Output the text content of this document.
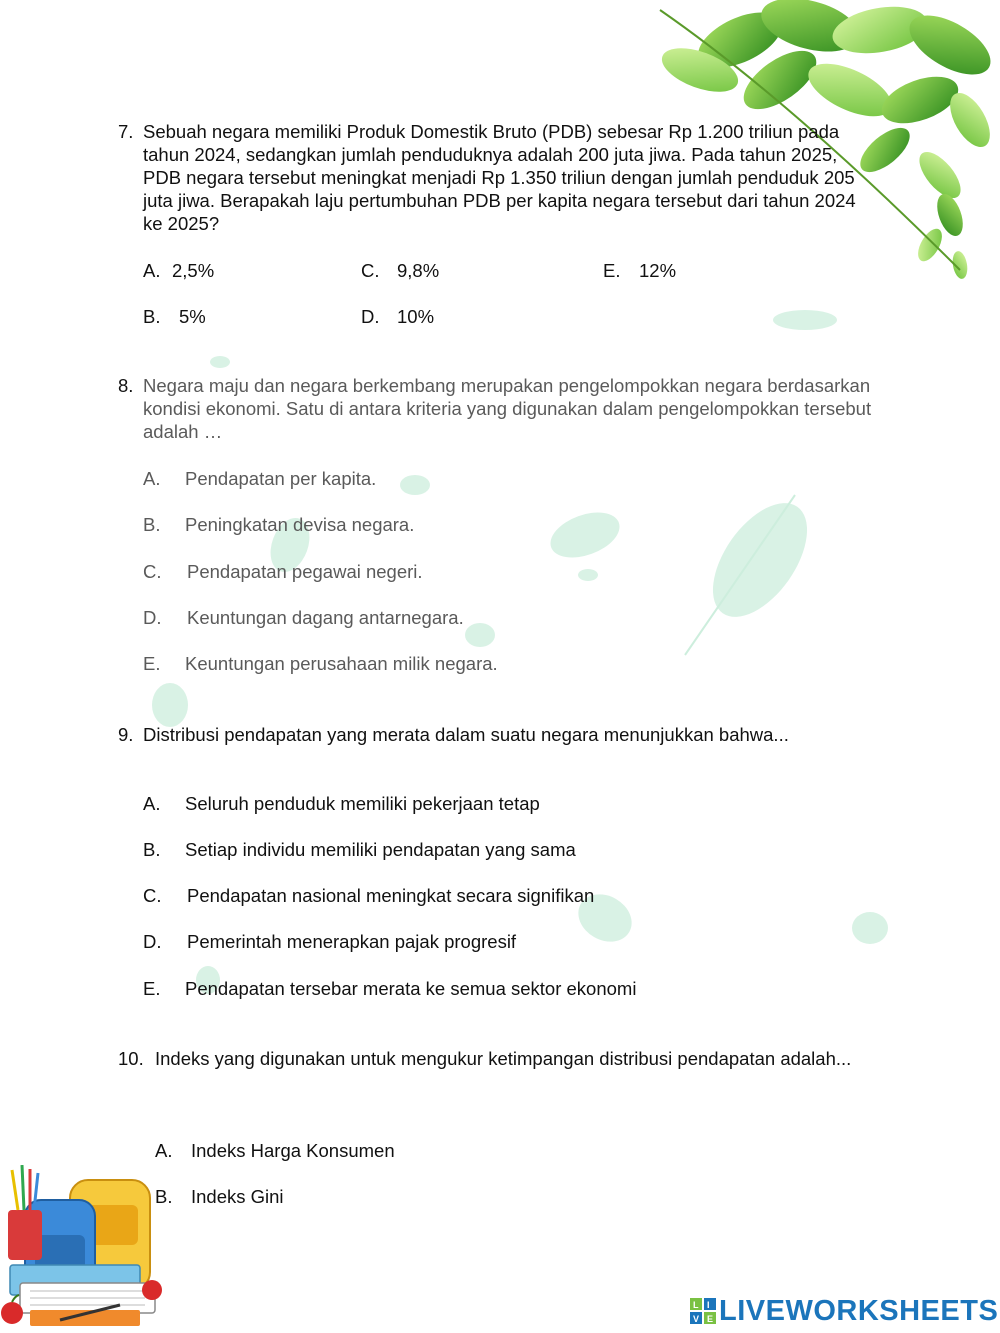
7. Sebuah negara memiliki Produk Domestik Bruto (PDB) sebesar Rp 1.200 triliun pada tahun 2024, sedangkan jumlah penduduknya adalah 200 juta jiwa. Pada tahun 2025, PDB negara tersebut meningkat menjadi Rp 1.350 triliun dengan jumlah penduduk 205 juta jiwa. Berapakah laju pertumbuhan PDB per kapita negara tersebut dari tahun 2024 ke 2025?
A. 2,5%	C. 9,8%	E. 12%
B. 5%	D. 10%
8. Negara maju dan negara berkembang merupakan pengelompokkan negara berdasarkan kondisi ekonomi. Satu di antara kriteria yang digunakan dalam pengelompokkan tersebut adalah …
A. Pendapatan per kapita.
B. Peningkatan devisa negara.
C. Pendapatan pegawai negeri.
D. Keuntungan dagang antarnegara.
E. Keuntungan perusahaan milik negara.
9. Distribusi pendapatan yang merata dalam suatu negara menunjukkan bahwa...
A. Seluruh penduduk memiliki pekerjaan tetap
B. Setiap individu memiliki pendapatan yang sama
C. Pendapatan nasional meningkat secara signifikan
D. Pemerintah menerapkan pajak progresif
E. Pendapatan tersebar merata ke semua sektor ekonomi
10. Indeks yang digunakan untuk mengukur ketimpangan distribusi pendapatan adalah...
A. Indeks Harga Konsumen
B. Indeks Gini
L I
V E LIVEWORKSHEETS
